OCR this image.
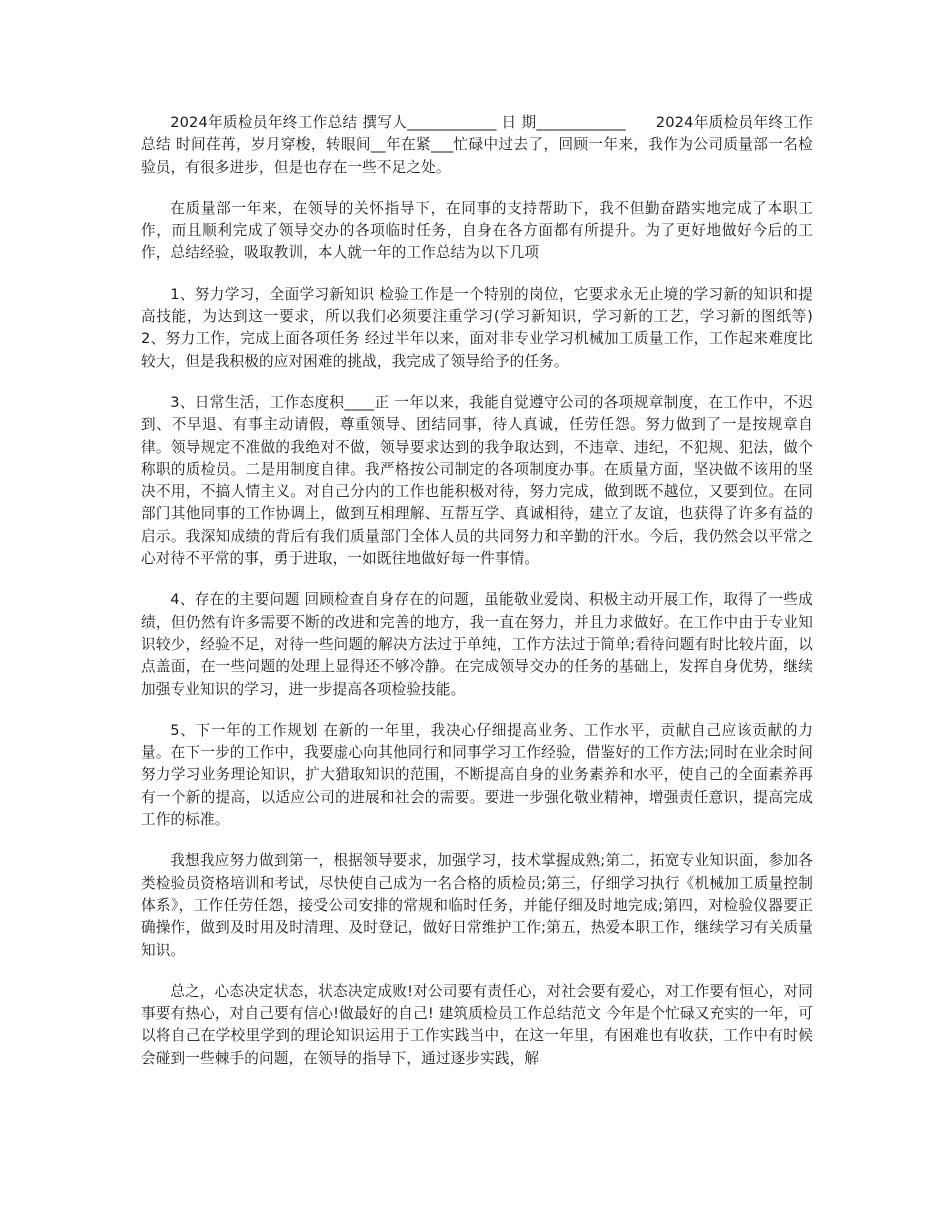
2024年质检员年终工作总结 撰写人____________ 日 期____________　　2024年质检员年终工作总结 时间荏苒，岁月穿梭，转眼间__年在紧___忙碌中过去了，回顾一年来，我作为公司质量部一名检验员，有很多进步，但是也存在一些不足之处。

在质量部一年来，在领导的关怀指导下，在同事的支持帮助下，我不但勤奋踏实地完成了本职工作，而且顺利完成了领导交办的各项临时任务，自身在各方面都有所提升。为了更好地做好今后的工作，总结经验，吸取教训，本人就一年的工作总结为以下几项

1、努力学习，全面学习新知识 检验工作是一个特别的岗位，它要求永无止境的学习新的知识和提高技能，为达到这一要求，所以我们必须要注重学习(学习新知识，学习新的工艺，学习新的图纸等) 2、努力工作，完成上面各项任务 经过半年以来，面对非专业学习机械加工质量工作，工作起来难度比较大，但是我积极的应对困难的挑战，我完成了领导给予的任务。

3、日常生活，工作态度积____正 一年以来，我能自觉遵守公司的各项规章制度，在工作中，不迟到、不早退、有事主动请假，尊重领导、团结同事，待人真诚，任劳任怨。努力做到了一是按规章自律。领导规定不准做的我绝对不做，领导要求达到的我争取达到，不违章、违纪，不犯规、犯法，做个称职的质检员。二是用制度自律。我严格按公司制定的各项制度办事。在质量方面，坚决做不该用的坚决不用，不搞人情主义。对自己分内的工作也能积极对待，努力完成，做到既不越位，又要到位。在同部门其他同事的工作协调上，做到互相理解、互帮互学、真诚相待，建立了友谊，也获得了许多有益的启示。我深知成绩的背后有我们质量部门全体人员的共同努力和辛勤的汗水。今后，我仍然会以平常之心对待不平常的事，勇于进取，一如既往地做好每一件事情。

4、存在的主要问题 回顾检查自身存在的问题，虽能敬业爱岗、积极主动开展工作，取得了一些成绩，但仍然有许多需要不断的改进和完善的地方，我一直在努力，并且力求做好。在工作中由于专业知识较少，经验不足，对待一些问题的解决方法过于单纯，工作方法过于简单;看待问题有时比较片面，以点盖面，在一些问题的处理上显得还不够冷静。在完成领导交办的任务的基础上，发挥自身优势，继续加强专业知识的学习，进一步提高各项检验技能。

5、下一年的工作规划 在新的一年里，我决心仔细提高业务、工作水平，贡献自己应该贡献的力量。在下一步的工作中，我要虚心向其他同行和同事学习工作经验，借鉴好的工作方法;同时在业余时间努力学习业务理论知识，扩大猎取知识的范围，不断提高自身的业务素养和水平，使自己的全面素养再有一个新的提高，以适应公司的进展和社会的需要。要进一步强化敬业精神，增强责任意识，提高完成工作的标准。

我想我应努力做到第一，根据领导要求，加强学习，技术掌握成熟;第二，拓宽专业知识面，参加各类检验员资格培训和考试，尽快使自己成为一名合格的质检员;第三，仔细学习执行《机械加工质量控制体系》，工作任劳任怨，接受公司安排的常规和临时任务，并能仔细及时地完成;第四，对检验仪器要正确操作，做到及时用及时清理、及时登记，做好日常维护工作;第五，热爱本职工作，继续学习有关质量知识。

总之，心态决定状态，状态决定成败!对公司要有责任心，对社会要有爱心，对工作要有恒心，对同事要有热心，对自己要有信心!做最好的自己! 建筑质检员工作总结范文 今年是个忙碌又充实的一年，可以将自己在学校里学到的理论知识运用于工作实践当中，在这一年里，有困难也有收获，工作中有时候会碰到一些棘手的问题，在领导的指导下，通过逐步实践，解
